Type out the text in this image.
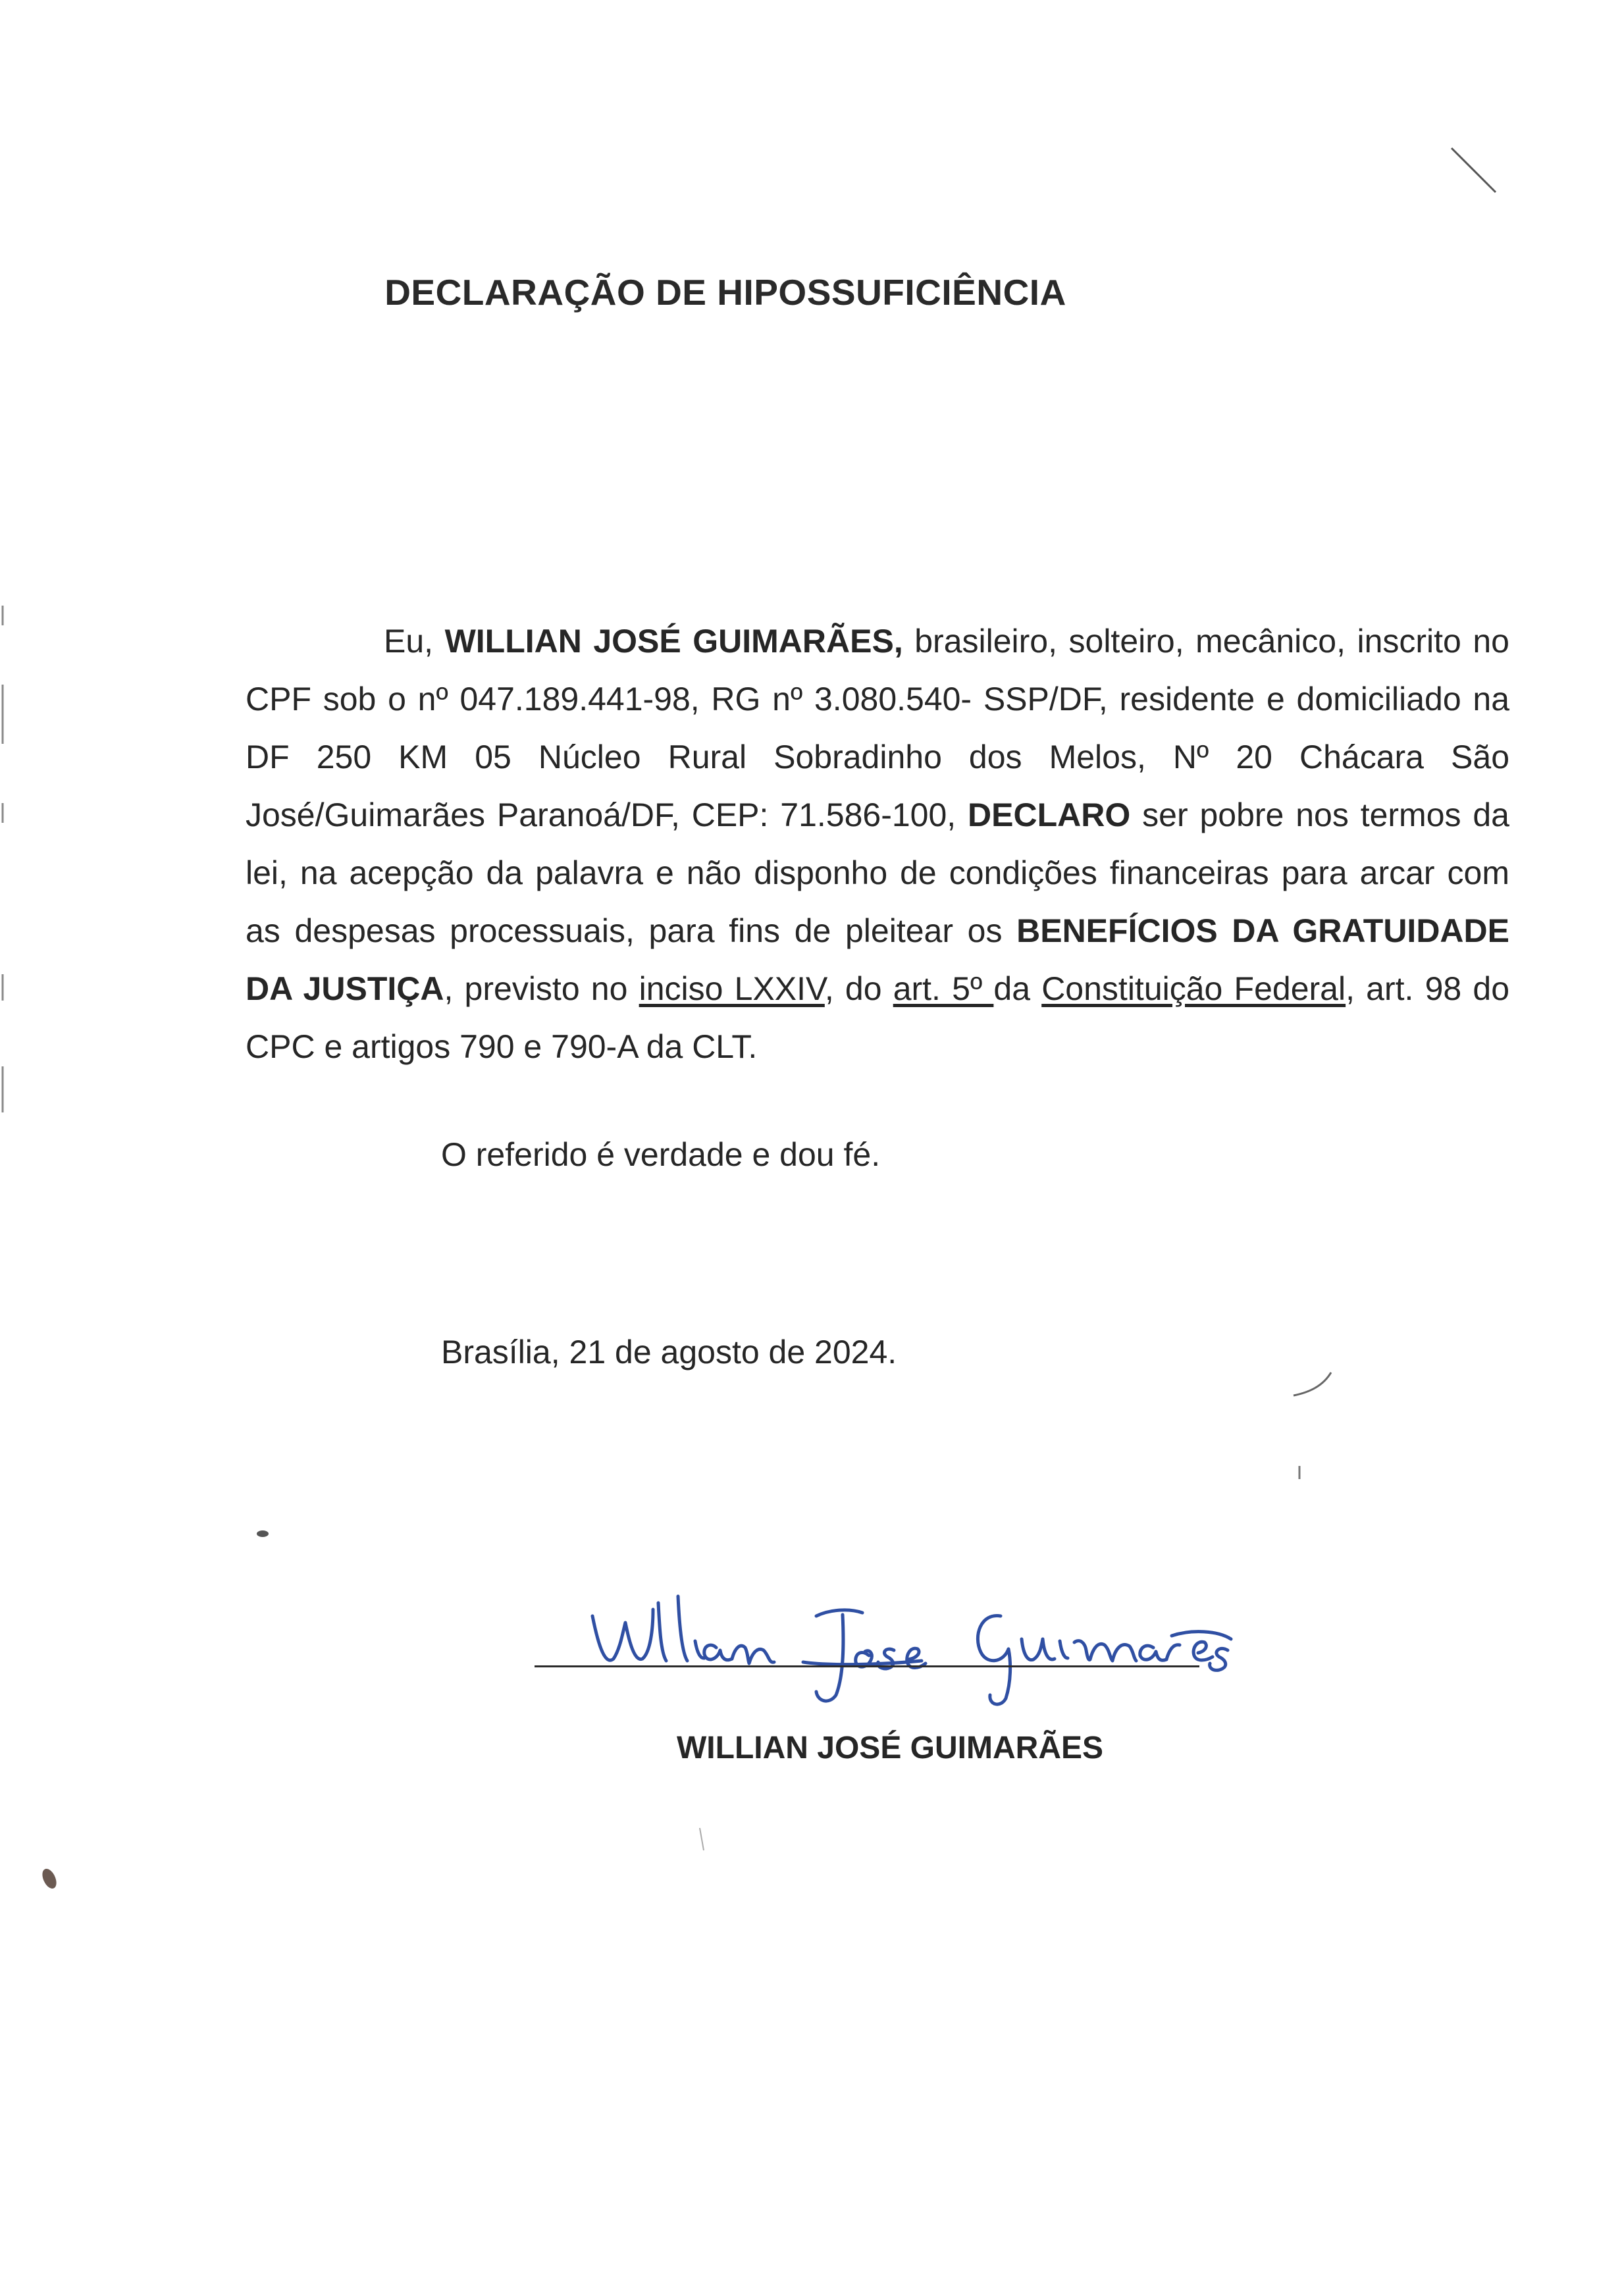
DECLARAÇÃO DE HIPOSSUFICIÊNCIA
Eu, WILLIAN JOSÉ GUIMARÃES, brasileiro, solteiro, mecânico, inscrito no CPF sob o nº 047.189.441-98, RG nº 3.080.540- SSP/DF, residente e domiciliado na DF 250 KM 05 Núcleo Rural Sobradinho dos Melos, Nº 20 Chácara São José/Guimarães Paranoá/DF, CEP: 71.586-100, DECLARO ser pobre nos termos da lei, na acepção da palavra e não disponho de condições financeiras para arcar com as despesas processuais, para fins de pleitear os BENEFÍCIOS DA GRATUIDADE DA JUSTIÇA, previsto no inciso LXXIV, do art. 5º da Constituição Federal, art. 98 do CPC e artigos 790 e 790-A da CLT.
O referido é verdade e dou fé.
Brasília, 21 de agosto de 2024.
WILLIAN JOSÉ GUIMARÃES
